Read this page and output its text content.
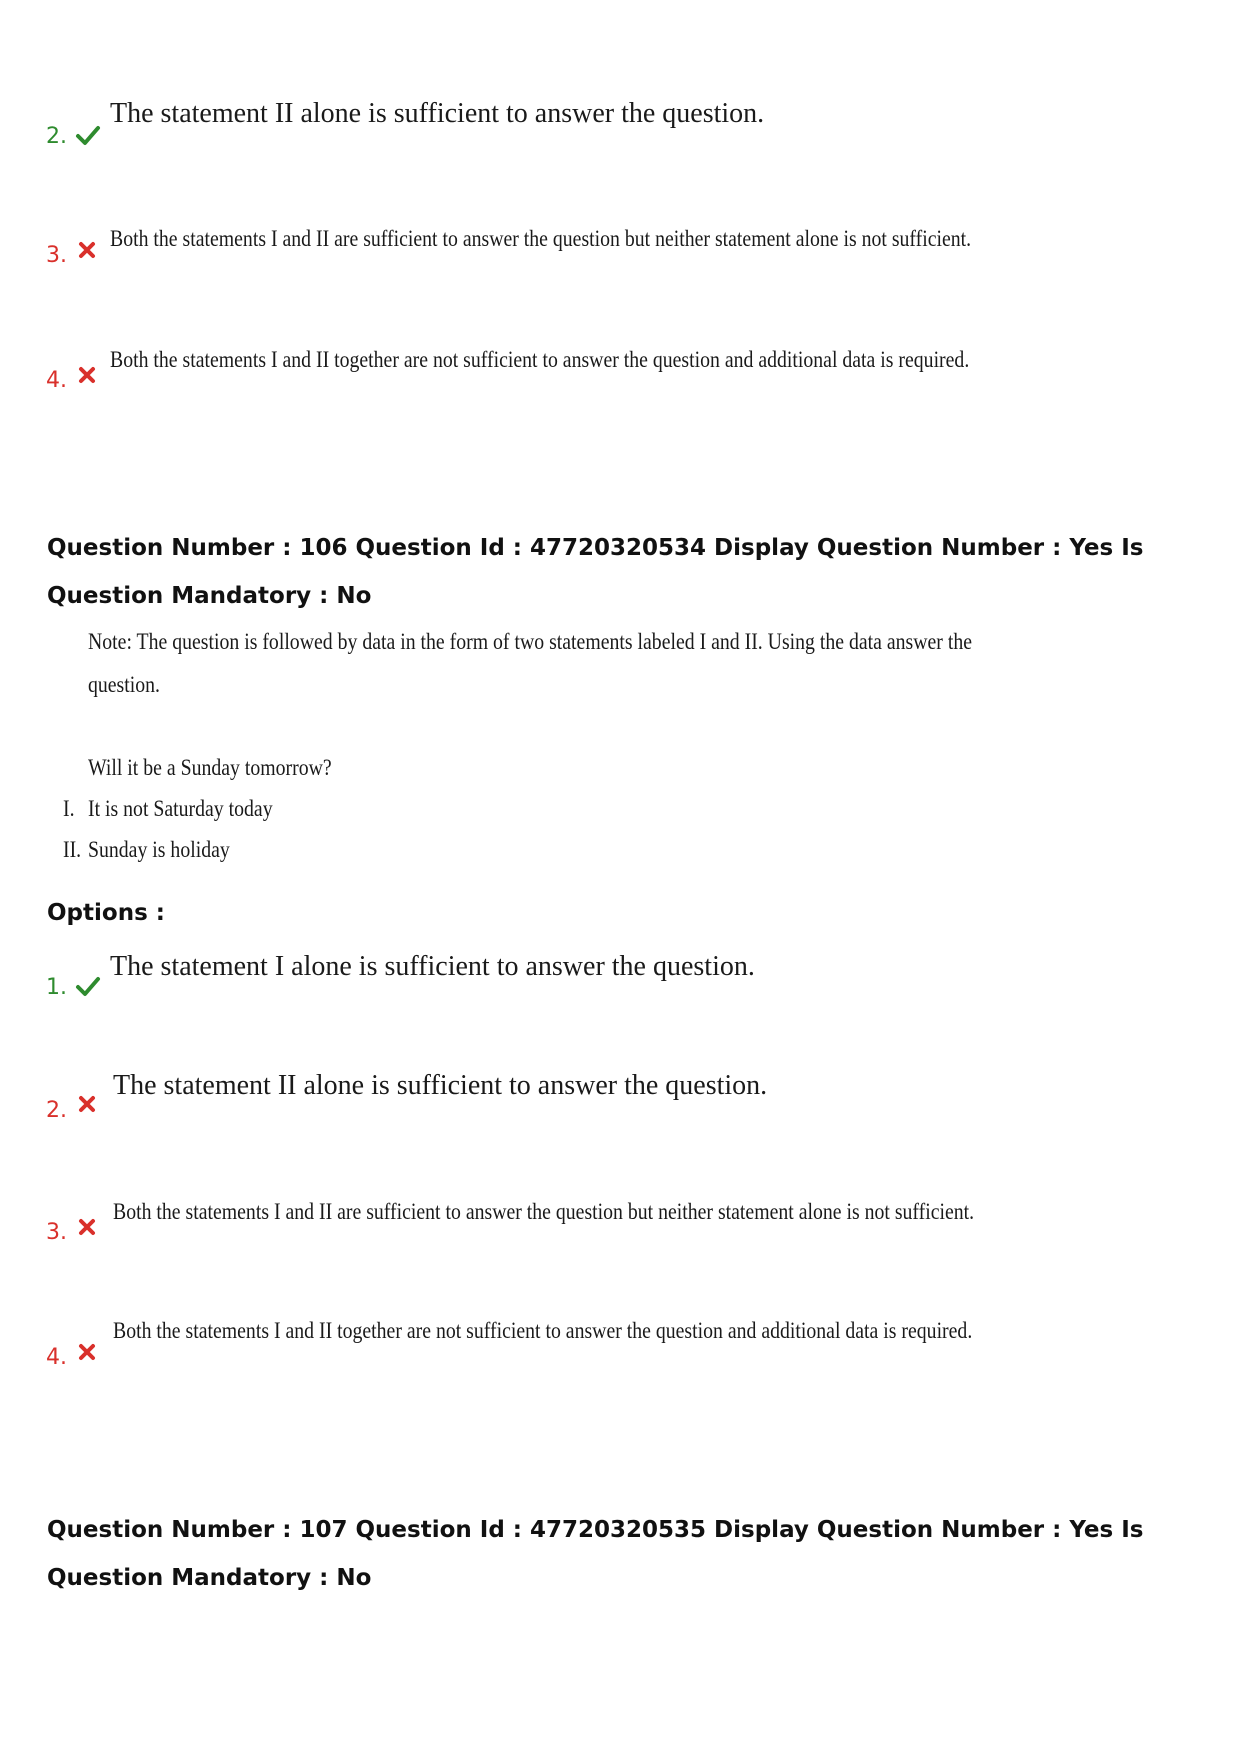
2.
The statement II alone is sufficient to answer the question.
3.
Both the statements I and II are sufficient to answer the question but neither statement alone is not sufficient.
4.
Both the statements I and II together are not sufficient to answer the question and additional data is required.
Question Number : 106 Question Id : 47720320534 Display Question Number : Yes Is Question Mandatory : No
Note: The question is followed by data in the form of two statements labeled I and II. Using the data answer the
question.
Will it be a Sunday tomorrow?
I. It is not Saturday today
II. Sunday is holiday
Options :
1.
The statement I alone is sufficient to answer the question.
2.
The statement II alone is sufficient to answer the question.
3.
Both the statements I and II are sufficient to answer the question but neither statement alone is not sufficient.
4.
Both the statements I and II together are not sufficient to answer the question and additional data is required.
Question Number : 107 Question Id : 47720320535 Display Question Number : Yes Is Question Mandatory : No
